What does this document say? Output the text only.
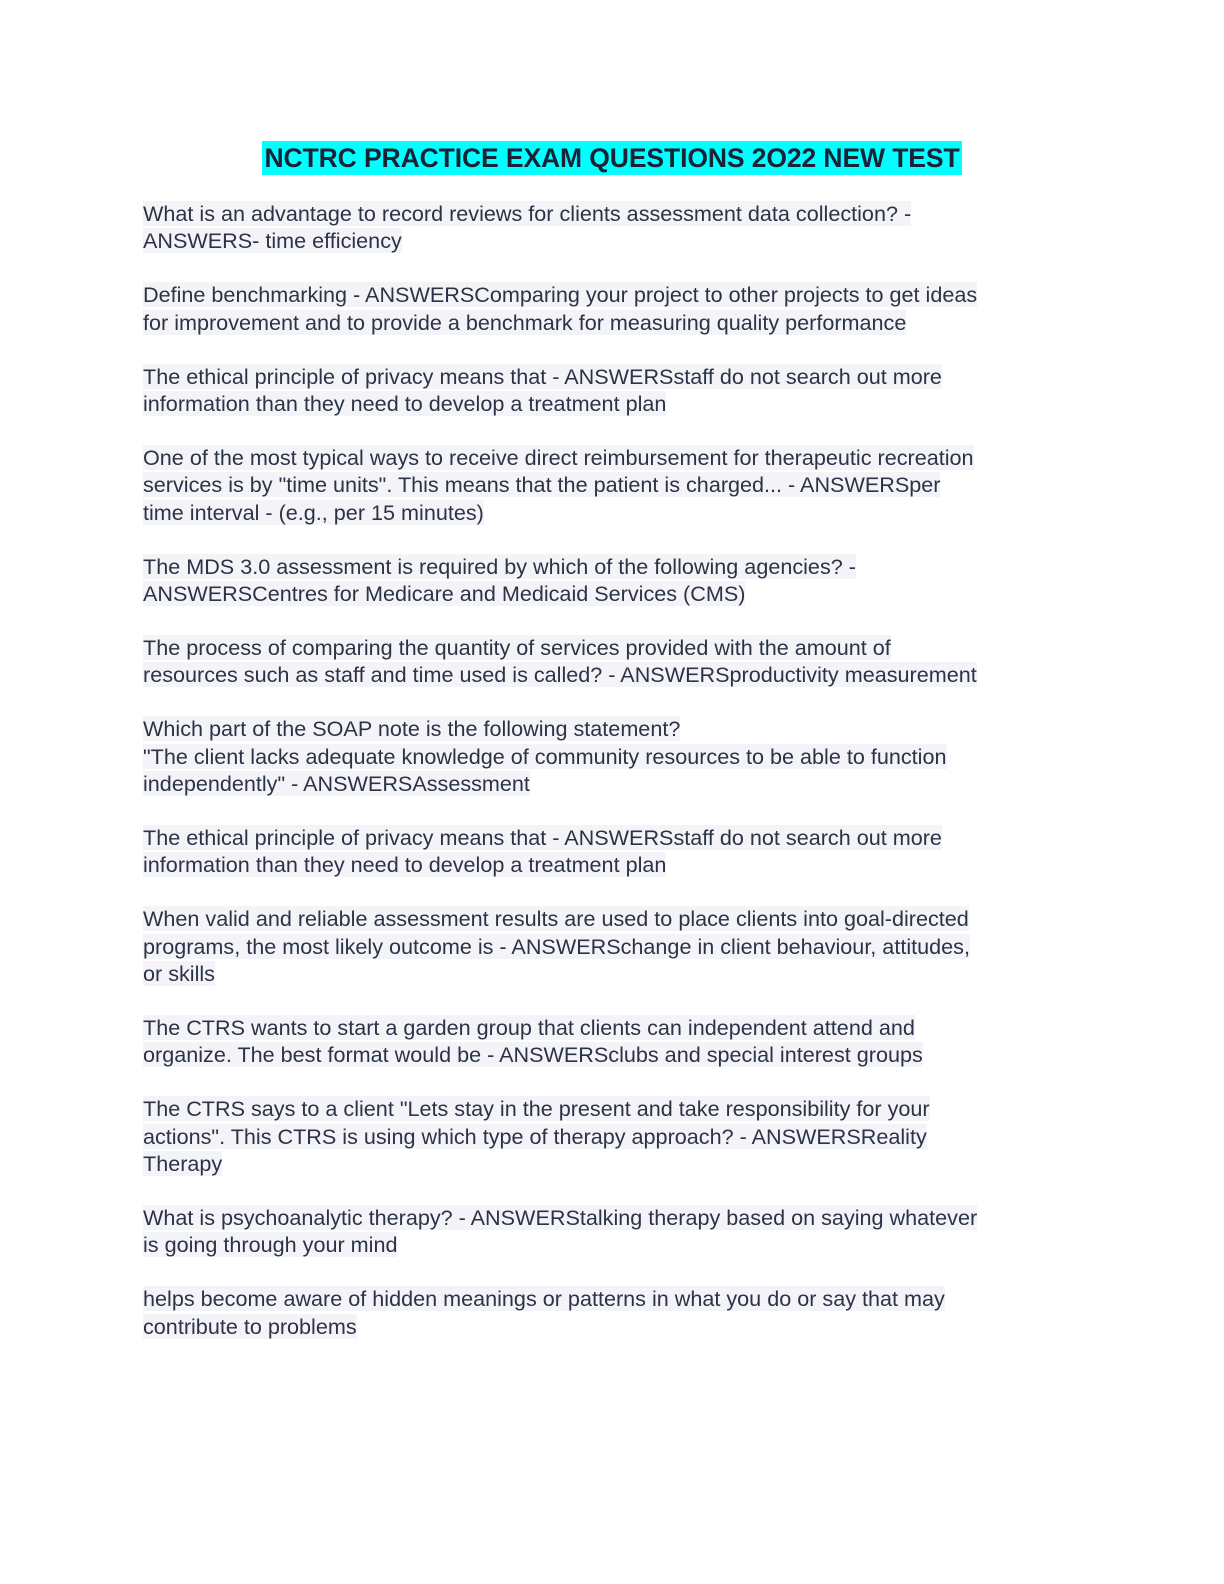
NCTRC PRACTICE EXAM QUESTIONS 2O22 NEW TEST
What is an advantage to record reviews for clients assessment data collection? -
ANSWERS- time efficiency
Define benchmarking - ANSWERSComparing your project to other projects to get ideas
for improvement and to provide a benchmark for measuring quality performance
The ethical principle of privacy means that - ANSWERSstaff do not search out more
information than they need to develop a treatment plan
One of the most typical ways to receive direct reimbursement for therapeutic recreation
services is by "time units". This means that the patient is charged... - ANSWERSper
time interval - (e.g., per 15 minutes)
The MDS 3.0 assessment is required by which of the following agencies? -
ANSWERSCentres for Medicare and Medicaid Services (CMS)
The process of comparing the quantity of services provided with the amount of
resources such as staff and time used is called? - ANSWERSproductivity measurement
Which part of the SOAP note is the following statement?
"The client lacks adequate knowledge of community resources to be able to function
independently" - ANSWERSAssessment
The ethical principle of privacy means that - ANSWERSstaff do not search out more
information than they need to develop a treatment plan
When valid and reliable assessment results are used to place clients into goal-directed
programs, the most likely outcome is - ANSWERSchange in client behaviour, attitudes,
or skills
The CTRS wants to start a garden group that clients can independent attend and
organize. The best format would be - ANSWERSclubs and special interest groups
The CTRS says to a client "Lets stay in the present and take responsibility for your
actions". This CTRS is using which type of therapy approach? - ANSWERSReality
Therapy
What is psychoanalytic therapy? - ANSWERStalking therapy based on saying whatever
is going through your mind
helps become aware of hidden meanings or patterns in what you do or say that may
contribute to problems
